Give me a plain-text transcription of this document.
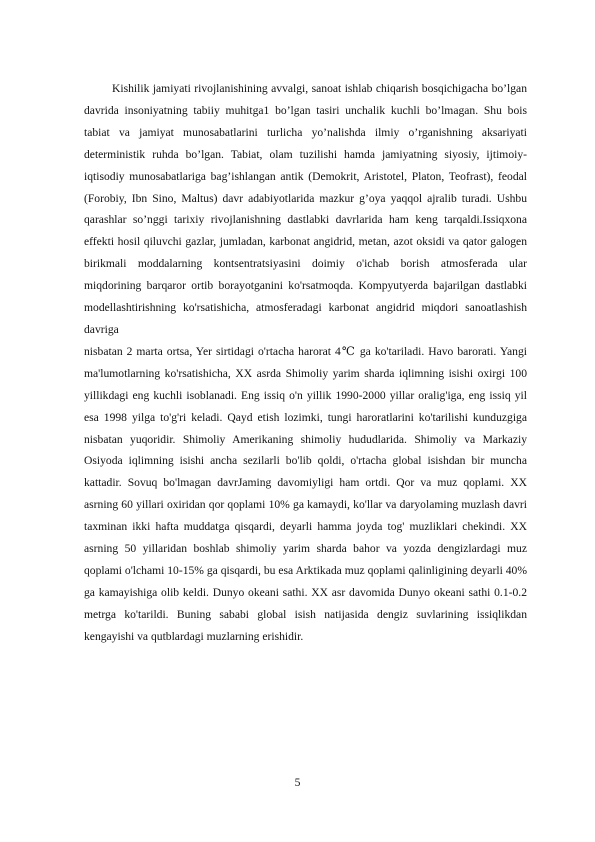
Kishilik jamiyati rivojlanishining avvalgi, sanoat ishlab chiqarish bosqichigacha bo’lgan davrida insoniyatning tabiiy muhitga1 bo’lgan tasiri unchalik kuchli bo’lmagan. Shu bois tabiat va jamiyat munosabatlarini turlicha yo’nalishda ilmiy o’rganishning aksariyati deterministik ruhda bo’lgan. Tabiat, olam tuzilishi hamda jamiyatning siyosiy, ijtimoiy-iqtisodiy munosabatlariga bag’ishlangan antik (Demokrit, Aristotel, Platon, Teofrast), feodal (Forobiy, Ibn Sino, Maltus) davr adabiyotlarida mazkur g’oya yaqqol ajralib turadi. Ushbu qarashlar so’nggi tarixiy rivojlanishning dastlabki davrlarida ham keng tarqaldi.Issiqxona effekti hosil qiluvchi gazlar, jumladan, karbonat angidrid, metan, azot oksidi va qator galogen birikmali moddalarning kontsentratsiyasini doimiy o'ichab borish atmosferada ular miqdorining barqaror ortib borayotganini ko'rsatmoqda. Kompyutyerda bajarilgan dastlabki modellashtirishning ko'rsatishicha, atmosferadagi karbonat angidrid miqdori sanoatlashish davriga

nisbatan 2 marta ortsa, Yer sirtidagi o'rtacha harorat 4℃ ga ko'tariladi. Havo barorati. Yangi ma'lumotlarning ko'rsatishicha, XX asrda Shimoliy yarim sharda iqlimning isishi oxirgi 100 yillikdagi eng kuchli isoblanadi. Eng issiq o'n yillik 1990-2000 yillar oralig'iga, eng issiq yil esa 1998 yilga to'g'ri keladi. Qayd etish lozimki, tungi haroratlarini ko'tarilishi kunduzgiga nisbatan yuqoridir. Shimoliy Amerikaning shimoliy hududlarida. Shimoliy va Markaziy Osiyoda iqlimning isishi ancha sezilarli bo'lib qoldi, o'rtacha global isishdan bir muncha kattadir. Sovuq bo'lmagan davrJaming davomiyligi ham ortdi. Qor va muz qoplami. XX asrning 60 yillari oxiridan qor qoplami 10% ga kamaydi, ko'llar va daryolaming muzlash davri taxminan ikki hafta muddatga qisqardi, deyarli hamma joyda tog' muzliklari chekindi. XX asrning 50 yillaridan boshlab shimoliy yarim sharda bahor va yozda dengizlardagi muz qoplami o'lchami 10-15% ga qisqardi, bu esa Arktikada muz qoplami qalinligining deyarli 40% ga kamayishiga olib keldi. Dunyo okeani sathi. XX asr davomida Dunyo okeani sathi 0.1-0.2 metrga ko'tarildi. Buning sababi global isish natijasida dengiz suvlarining issiqlikdan kengayishi va qutblardagi muzlarning erishidir.

5
